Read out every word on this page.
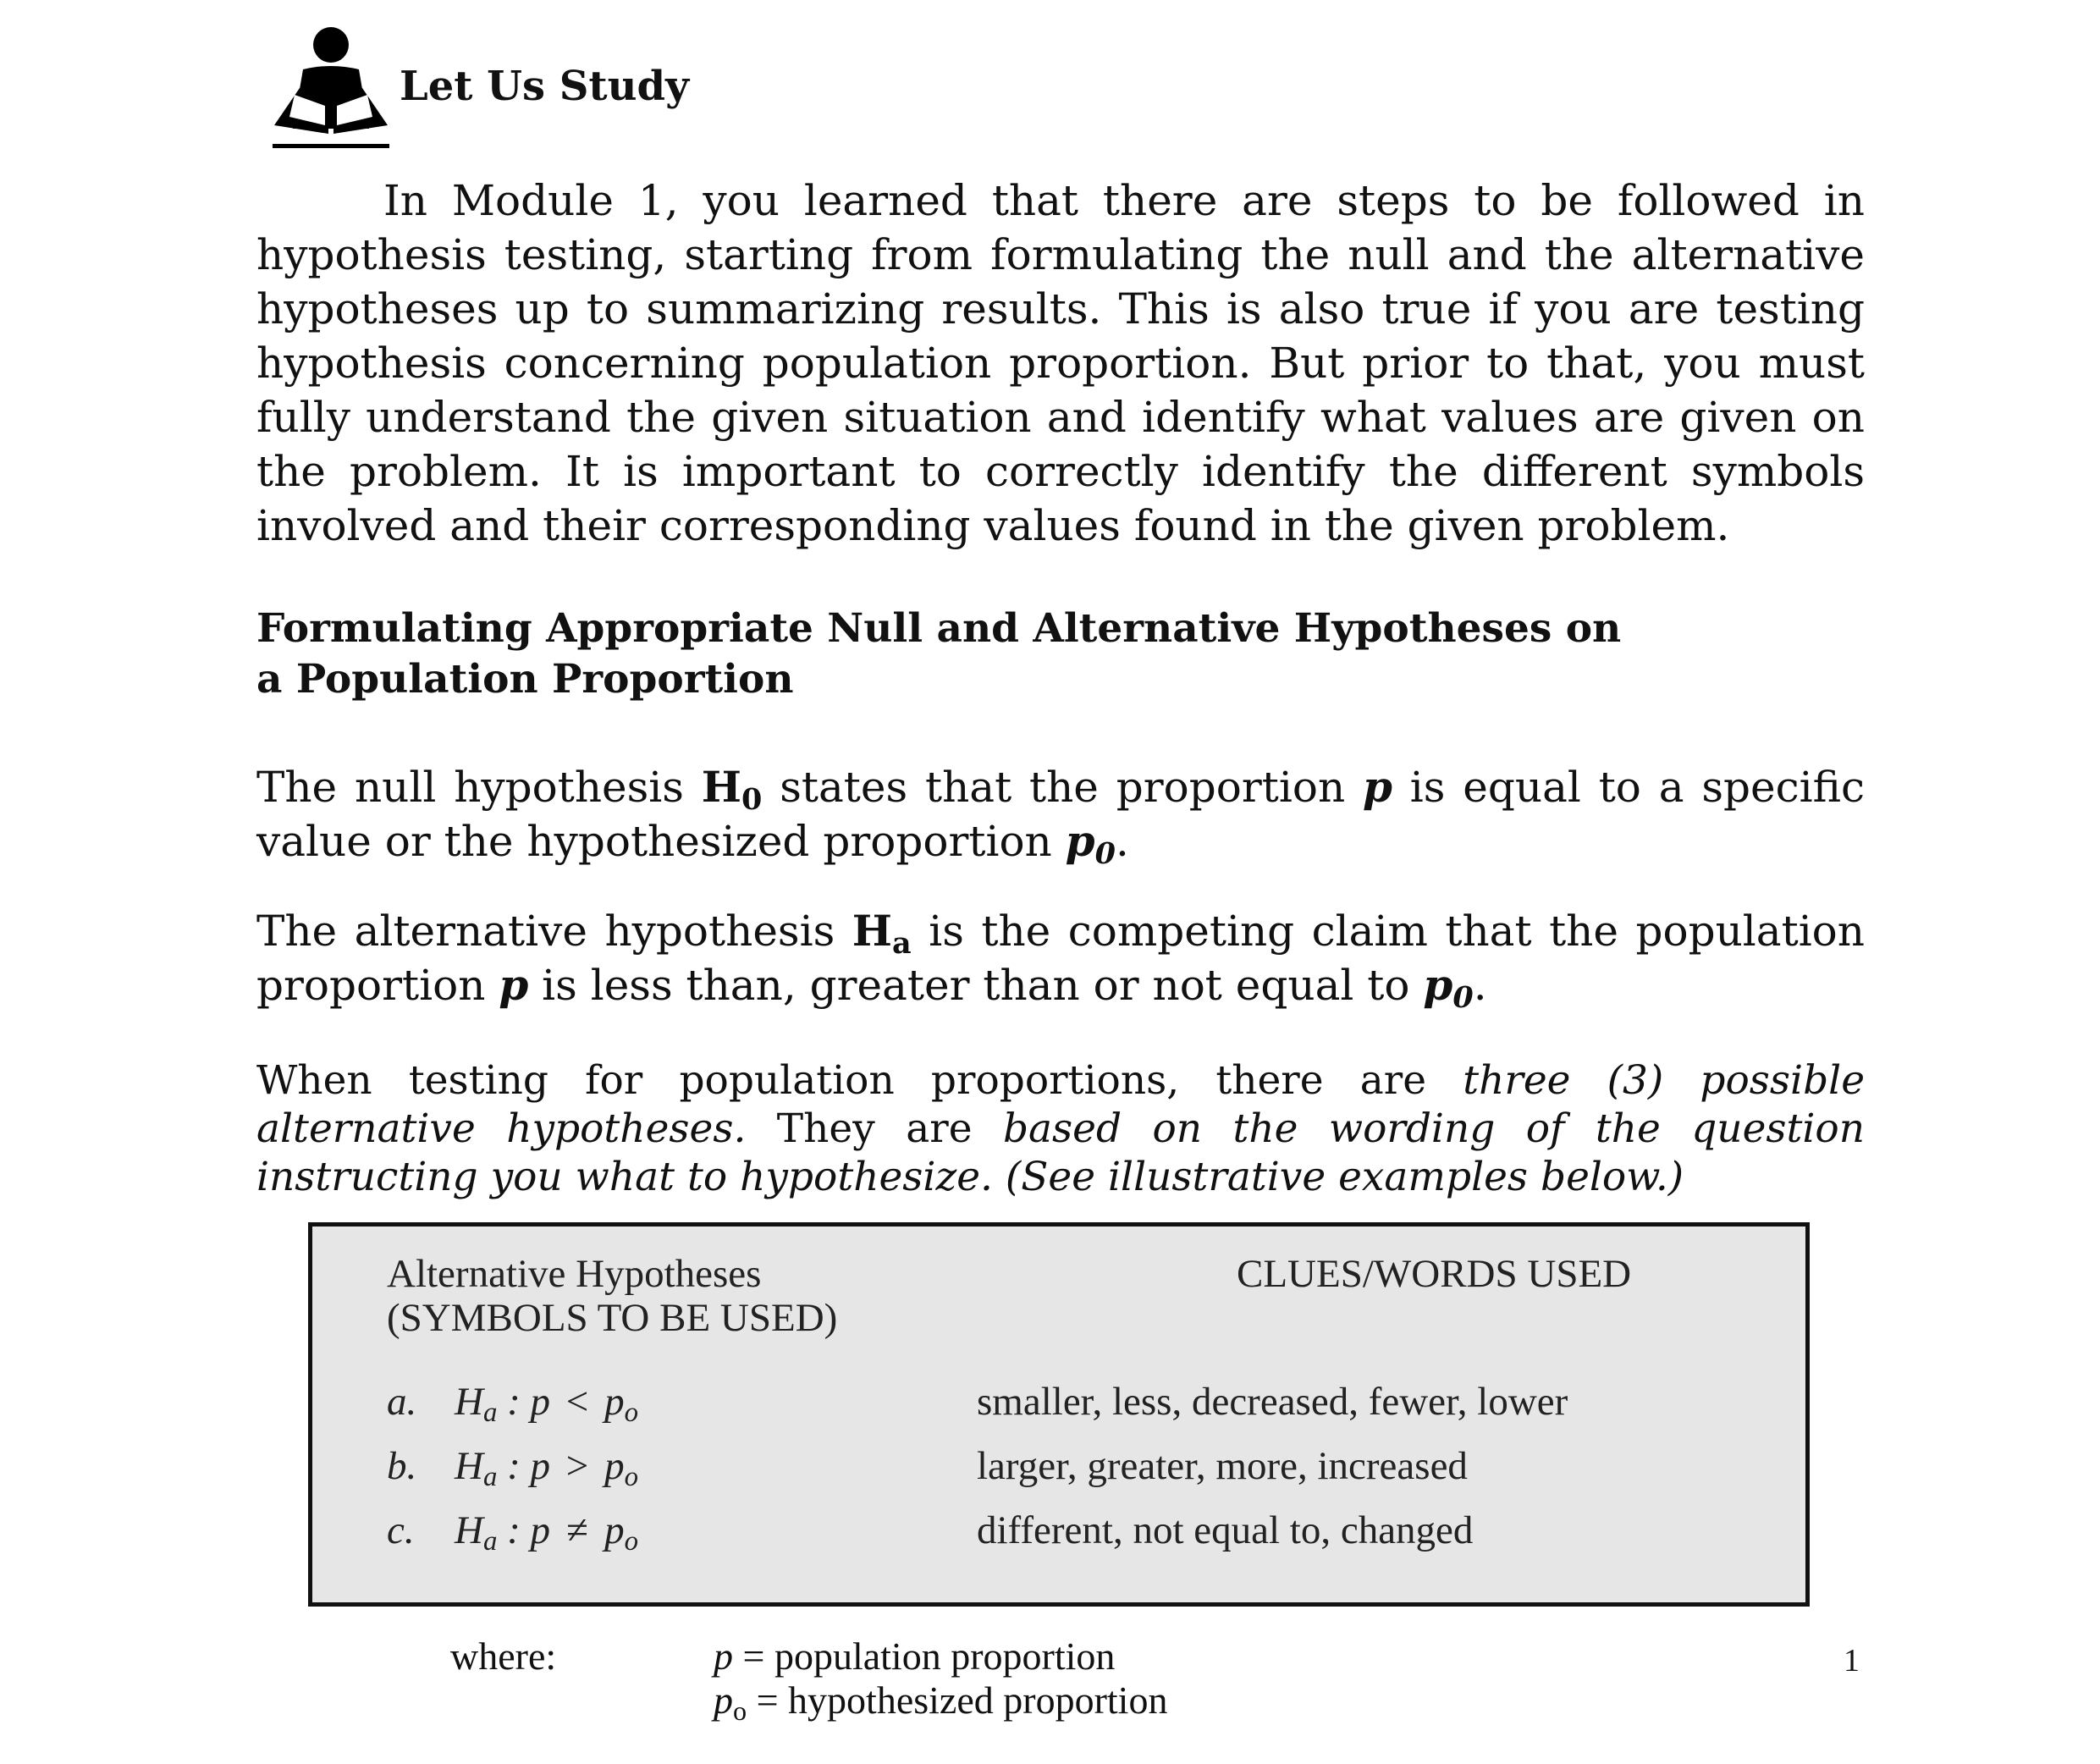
Let Us Study
In Module 1, you learned that there are steps to be followed in hypothesis testing, starting from formulating the null and the alternative hypotheses up to summarizing results. This is also true if you are testing hypothesis concerning population proportion. But prior to that, you must fully understand the given situation and identify what values are given on the problem. It is important to correctly identify the different symbols involved and their corresponding values found in the given problem.
Formulating Appropriate Null and Alternative Hypotheses on
a Population Proportion
The null hypothesis $H_0$ states that the proportion p is equal to a specific value or the hypothesized proportion $p_0$.
The alternative hypothesis $H_a$ is the competing claim that the population proportion p is less than, greater than or not equal to $p_0$.
When testing for population proportions, there are three (3) possible alternative hypotheses. They are based on the wording of the question instructing you what to hypothesize. (See illustrative examples below.)
Alternative Hypotheses
(SYMBOLS TO BE USED)
CLUES/WORDS USED
a. $H_a$ : $p < p_o$	smaller, less, decreased, fewer, lower
b. $H_a$ : $p > p_o$	larger, greater, more, increased
c. $H_a$ : $p \ne p_o$	different, not equal to, changed
where:	p = population proportion
$p_o$ = hypothesized proportion
1
